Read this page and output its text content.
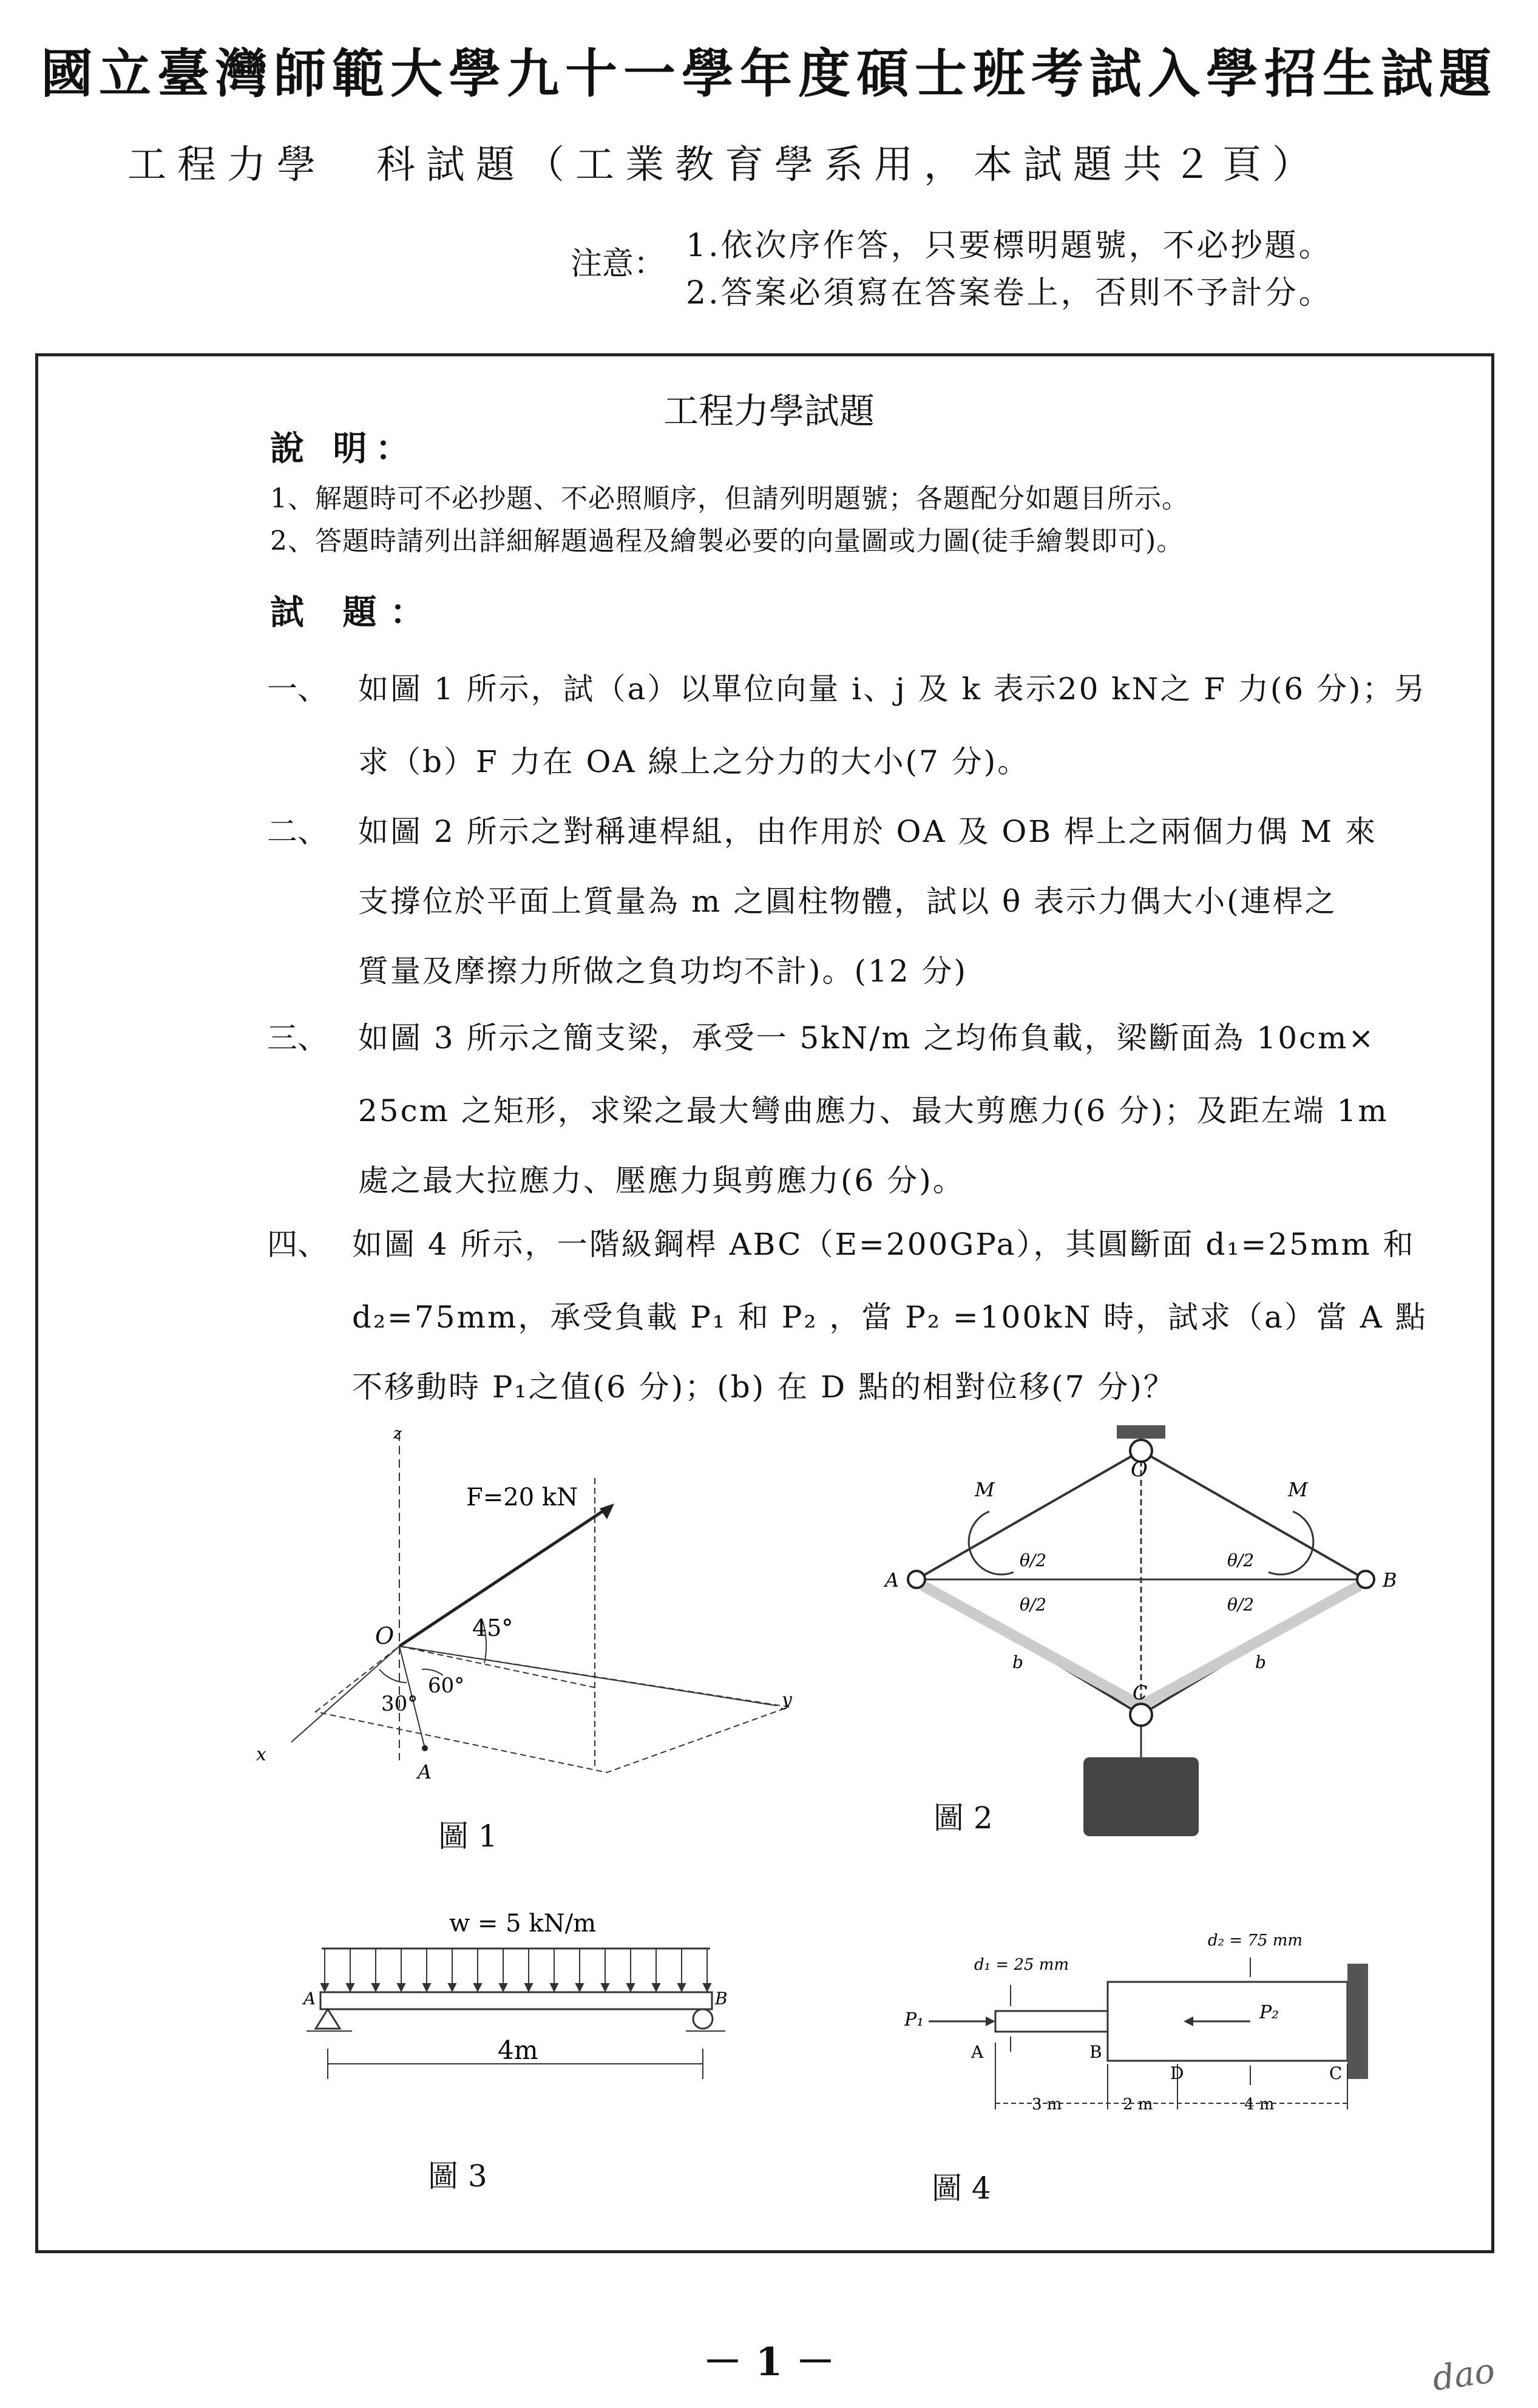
國立臺灣師範大學九十一學年度碩士班考試入學招生試題
工程力學　科試題（工業教育學系用，本試題共２頁）
注意： 1.依次序作答，只要標明題號，不必抄題。
2.答案必須寫在答案卷上，否則不予計分。
工程力學試題
說 明：
1、解題時可不必抄題、不必照順序，但請列明題號；各題配分如題目所示。
2、答題時請列出詳細解題過程及繪製必要的向量圖或力圖(徒手繪製即可)。
試 題：
一、 如圖 1 所示，試（a）以單位向量 i、j 及 k 表示20 kN之 F 力(6 分)；另
求（b）F 力在 OA 線上之分力的大小(7 分)。
二、 如圖 2 所示之對稱連桿組，由作用於 OA 及 OB 桿上之兩個力偶 M 來
支撐位於平面上質量為 m 之圓柱物體，試以 θ 表示力偶大小(連桿之
質量及摩擦力所做之負功均不計)。(12 分)
三、 如圖 3 所示之簡支梁，承受一 5kN/m 之均佈負載，梁斷面為 10cm×
25cm 之矩形，求梁之最大彎曲應力、最大剪應力(6 分)；及距左端 1m
處之最大拉應力、壓應力與剪應力(6 分)。
四、 如圖 4 所示，一階級鋼桿 ABC（E=200GPa），其圓斷面 d₁=25mm 和
d₂=75mm，承受負載 P₁ 和 P₂ ，當 P₂ =100kN 時，試求（a）當 A 點
不移動時 P₁之值(6 分)；(b) 在 D 點的相對位移(7 分)？
F=20 kN
45°
60°
30°
O
A
x
y
z
圖 1
O
A	B
C
M	M
θ/2	θ/2
θ/2	θ/2
b	b
圖 2
w = 5 kN/m
A	B
4m
圖 3
d₁ = 25 mm
d₂ = 75 mm
P₁	P₂
A	B
D	C
3 m	2 m	4 m
圖 4
－ 1 －	dao
